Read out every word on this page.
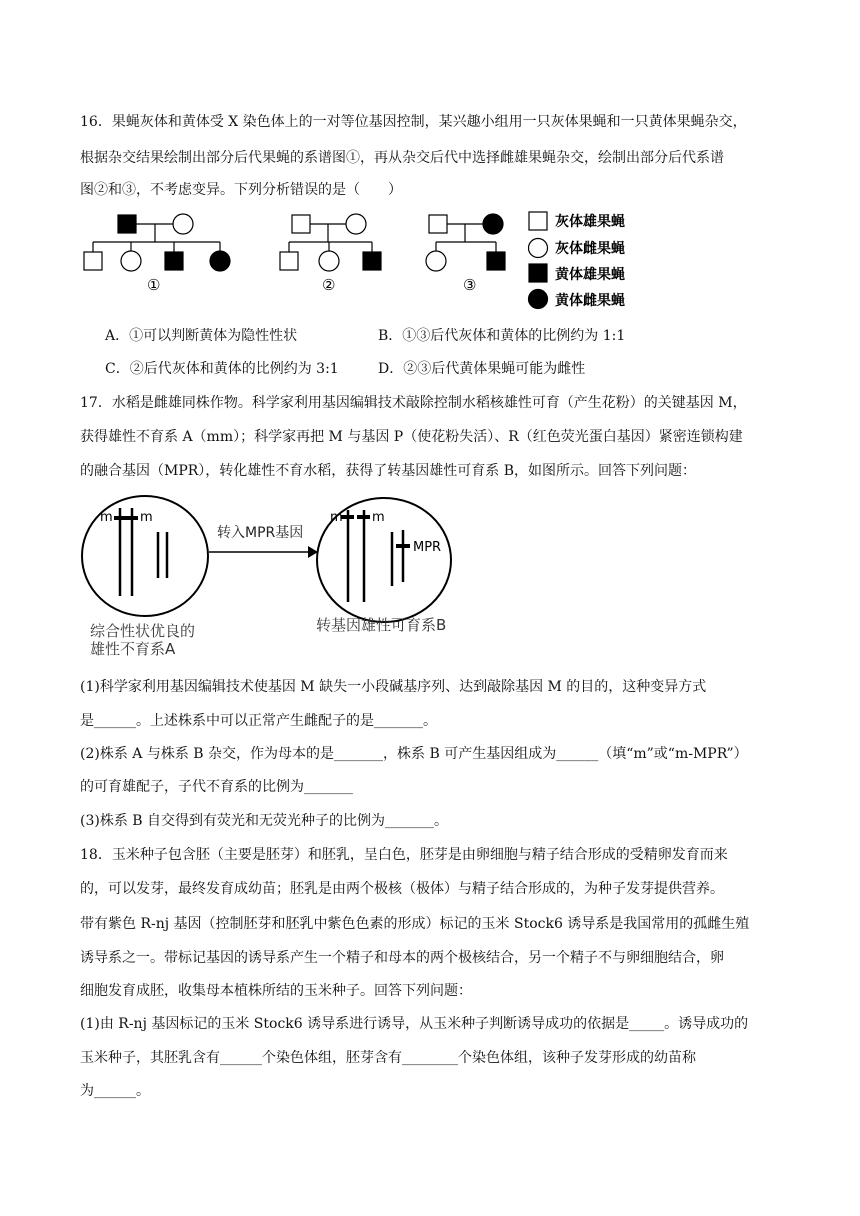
16．果蝇灰体和黄体受 X 染色体上的一对等位基因控制，某兴趣小组用一只灰体果蝇和一只黄体果蝇杂交，
根据杂交结果绘制出部分后代果蝇的系谱图①，再从杂交后代中选择雌雄果蝇杂交，绘制出部分后代系谱
图②和③，不考虑变异。下列分析错误的是（　　）
灰体雄果蝇
灰体雌果蝇
黄体雄果蝇
黄体雌果蝇
①	②	③
A．①可以判断黄体为隐性性状	B．①③后代灰体和黄体的比例约为 1:1
C．②后代灰体和黄体的比例约为 3:1	D．②③后代黄体果蝇可能为雌性
17．水稻是雌雄同株作物。科学家利用基因编辑技术敲除控制水稻核雄性可育（产生花粉）的关键基因 M，
获得雄性不育系 A（mm）；科学家再把 M 与基因 P（使花粉失活）、R（红色荧光蛋白基因）紧密连锁构建
的融合基因（MPR），转化雄性不育水稻，获得了转基因雄性可育系 B，如图所示。回答下列问题：
m m
转入MPR基因
m m
MPR
综合性状优良的
雄性不育系A
转基因雄性可育系B
(1)科学家利用基因编辑技术使基因 M 缺失一小段碱基序列、达到敲除基因 M 的目的，这种变异方式
是______。上述株系中可以正常产生雌配子的是_______。
(2)株系 A 与株系 B 杂交，作为母本的是_______，株系 B 可产生基因组成为______（填“m”或“m-MPR”）
的可育雄配子，子代不育系的比例为_______
(3)株系 B 自交得到有荧光和无荧光种子的比例为_______。
18．玉米种子包含胚（主要是胚芽）和胚乳，呈白色，胚芽是由卵细胞与精子结合形成的受精卵发育而来
的，可以发芽，最终发育成幼苗；胚乳是由两个极核（极体）与精子结合形成的，为种子发芽提供营养。
带有紫色 R-nj 基因（控制胚芽和胚乳中紫色色素的形成）标记的玉米 Stock6 诱导系是我国常用的孤雌生殖
诱导系之一。带标记基因的诱导系产生一个精子和母本的两个极核结合，另一个精子不与卵细胞结合，卵
细胞发育成胚，收集母本植株所结的玉米种子。回答下列问题：
(1)由 R-nj 基因标记的玉米 Stock6 诱导系进行诱导，从玉米种子判断诱导成功的依据是_____。诱导成功的
玉米种子，其胚乳含有______个染色体组，胚芽含有________个染色体组，该种子发芽形成的幼苗称
为______。
